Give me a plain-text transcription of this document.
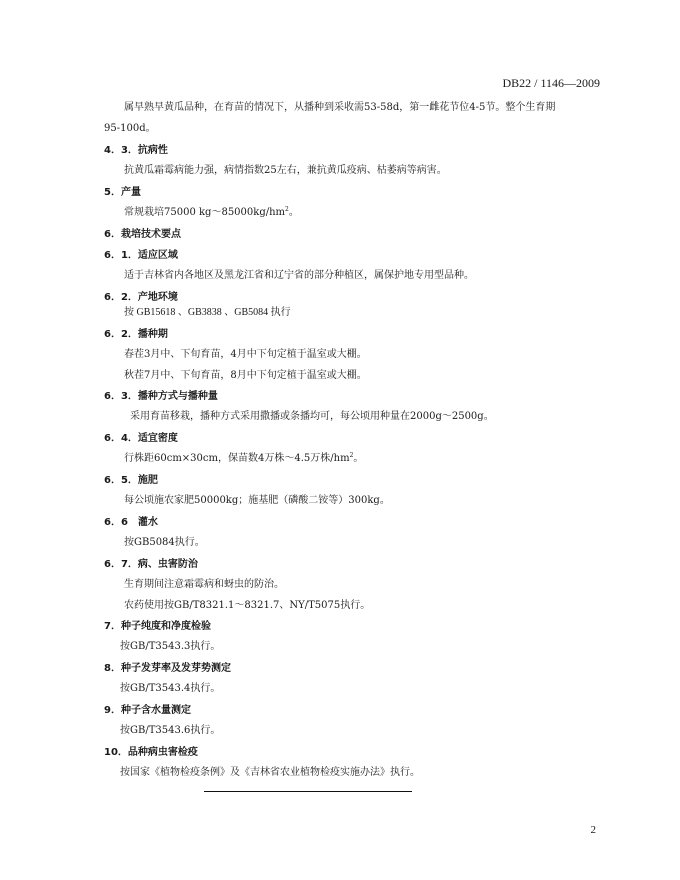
DB22 / 1146—2009
属早熟早黄瓜品种，在育苗的情况下，从播种到采收需53-58d，第一雌花节位4-5节。整个生育期
95-100d。
4．3．抗病性
抗黄瓜霜霉病能力强，病情指数25左右，兼抗黄瓜疫病、枯萎病等病害。
5．产量
常规栽培75000 $kg\sim 85000kg/hm^2$。
6．栽培技术要点
6．1．适应区域
适于吉林省内各地区及黑龙江省和辽宁省的部分种植区，属保护地专用型品种。
6．2．产地环境
按 GB15618 、GB3838 、GB5084 执行
6．2．播种期
春茬3月中、下旬育苗，4月中下旬定植于温室或大棚。
秋茬7月中、下旬育苗，8月中下旬定植于温室或大棚。
6．3．播种方式与播种量
采用育苗移栽，播种方式采用撒播或条播均可，每公顷用种量在2000g～2500g。
6．4．适宜密度
行株距60cm×30cm，保苗数4万株～4.5万株$/hm^2$。
6．5．施肥
每公顷施农家肥50000kg；施基肥（磷酸二铵等）300kg。
6．6　灌水
按GB5084执行。
6．7．病、虫害防治
生育期间注意霜霉病和蚜虫的防治。
农药使用按GB/T8321.1～8321.7、NY/T5075执行。
7．种子纯度和净度检验
按GB/T3543.3执行。
8．种子发芽率及发芽势测定
按GB/T3543.4执行。
9．种子含水量测定
按GB/T3543.6执行。
10．品种病虫害检疫
按国家《植物检疫条例》及《吉林省农业植物检疫实施办法》执行。
2
